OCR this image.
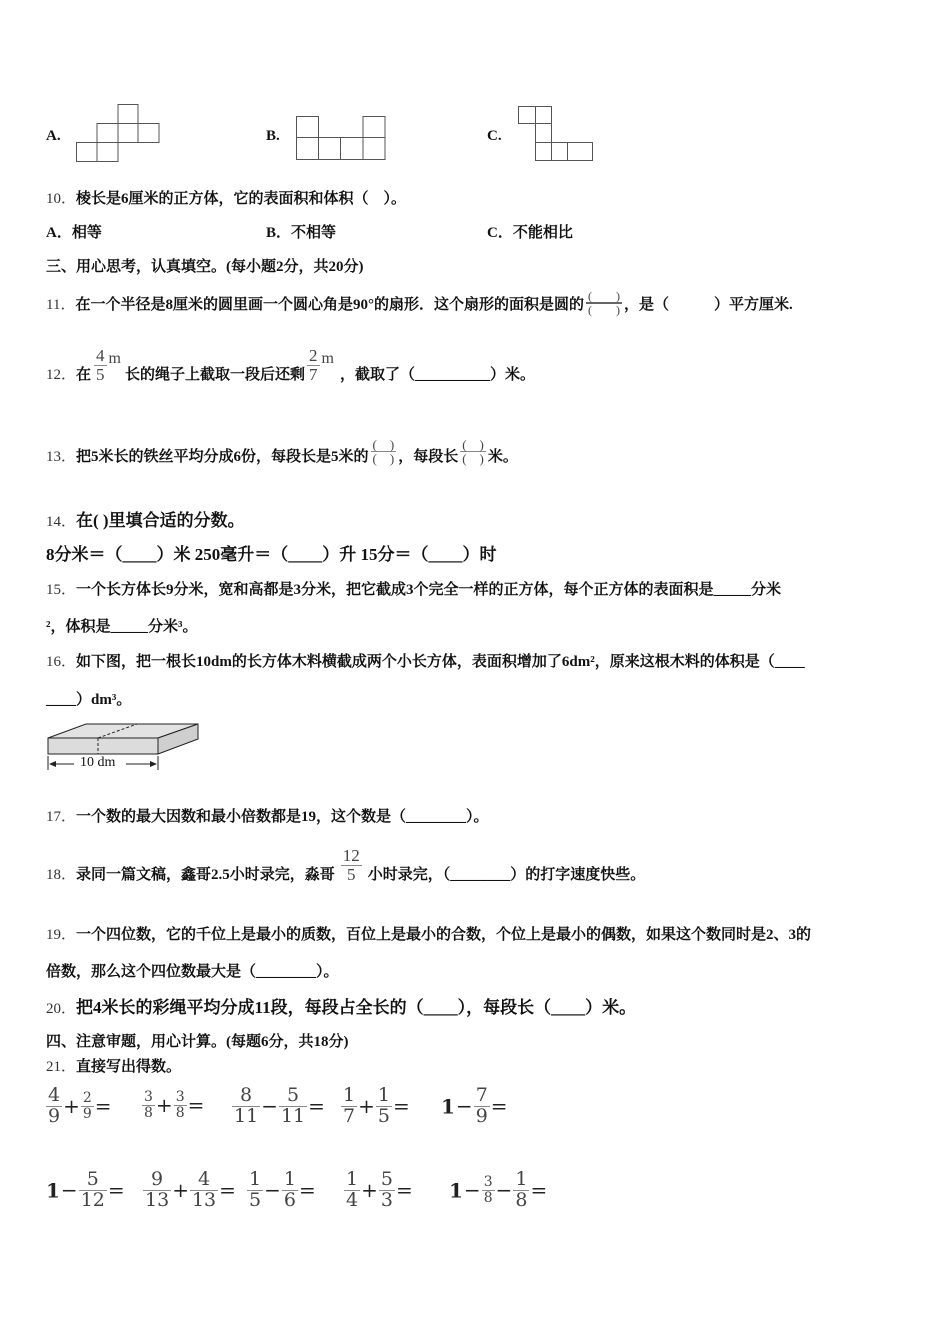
A.	B.	C.
10．棱长是6厘米的正方体，它的表面积和体积（　）。
A．相等	B．不相等	C．不能相比
三、用心思考，认真填空。(每小题2分，共20分)
11． 在一个半径是8厘米的圆里画一个圆心角是90°的扇形．这个扇形的面积是圆的 $\frac{( )}{( )}$ ，是（　　　）平方厘米.
12． 在 $\frac{4}{5}$ m
长的绳子上截取一段后还剩 $\frac{2}{7}$ m
，截取了（__________）米。
13． 把5米长的铁丝平均分成6份，每段长是5米的 $\frac{( )}{( )}$ ，每段长 $\frac{( )}{( )}$ 米。
14．在( )里填合适的分数。
8分米＝（____）米 250毫升＝（____）升 15分＝（____）时
15．一个长方体长9分米，宽和高都是3分米，把它截成3个完全一样的正方体，每个正方体的表面积是_____分米
²，体积是_____分米³。
16．如下图，把一根长10dm的长方体木料横截成两个小长方体，表面积增加了6dm²，原来这根木料的体积是（____
____）dm³。
10 dm
17．一个数的最大因数和最小倍数都是19，这个数是（________）。
18． 录同一篇文稿，鑫哥2.5小时录完，淼哥 $\frac{12}{5}$ 小时录完，（________）的打字速度快些。
19．一个四位数，它的千位上是最小的质数，百位上是最小的合数，个位上是最小的偶数，如果这个数同时是2、3的
倍数，那么这个四位数最大是（________）。
20．把4米长的彩绳平均分成11段，每段占全长的（____），每段长（____）米。
四、注意审题，用心计算。(每题6分，共18分)
21．直接写出得数。
$\frac{4}{9} + \frac{2}{9} = \frac{3}{8} + \frac{3}{8} = \frac{8}{11} - \frac{5}{11} = \frac{1}{7} + \frac{1}{5} = 1- \frac{7}{9}$ =
$1- \frac{5}{12} = \frac{9}{13} + \frac{4}{13} = \frac{1}{5} - \frac{1}{6} = \frac{1}{4} + \frac{5}{3} = 1- \frac{3}{8} - \frac{1}{8}$ =
